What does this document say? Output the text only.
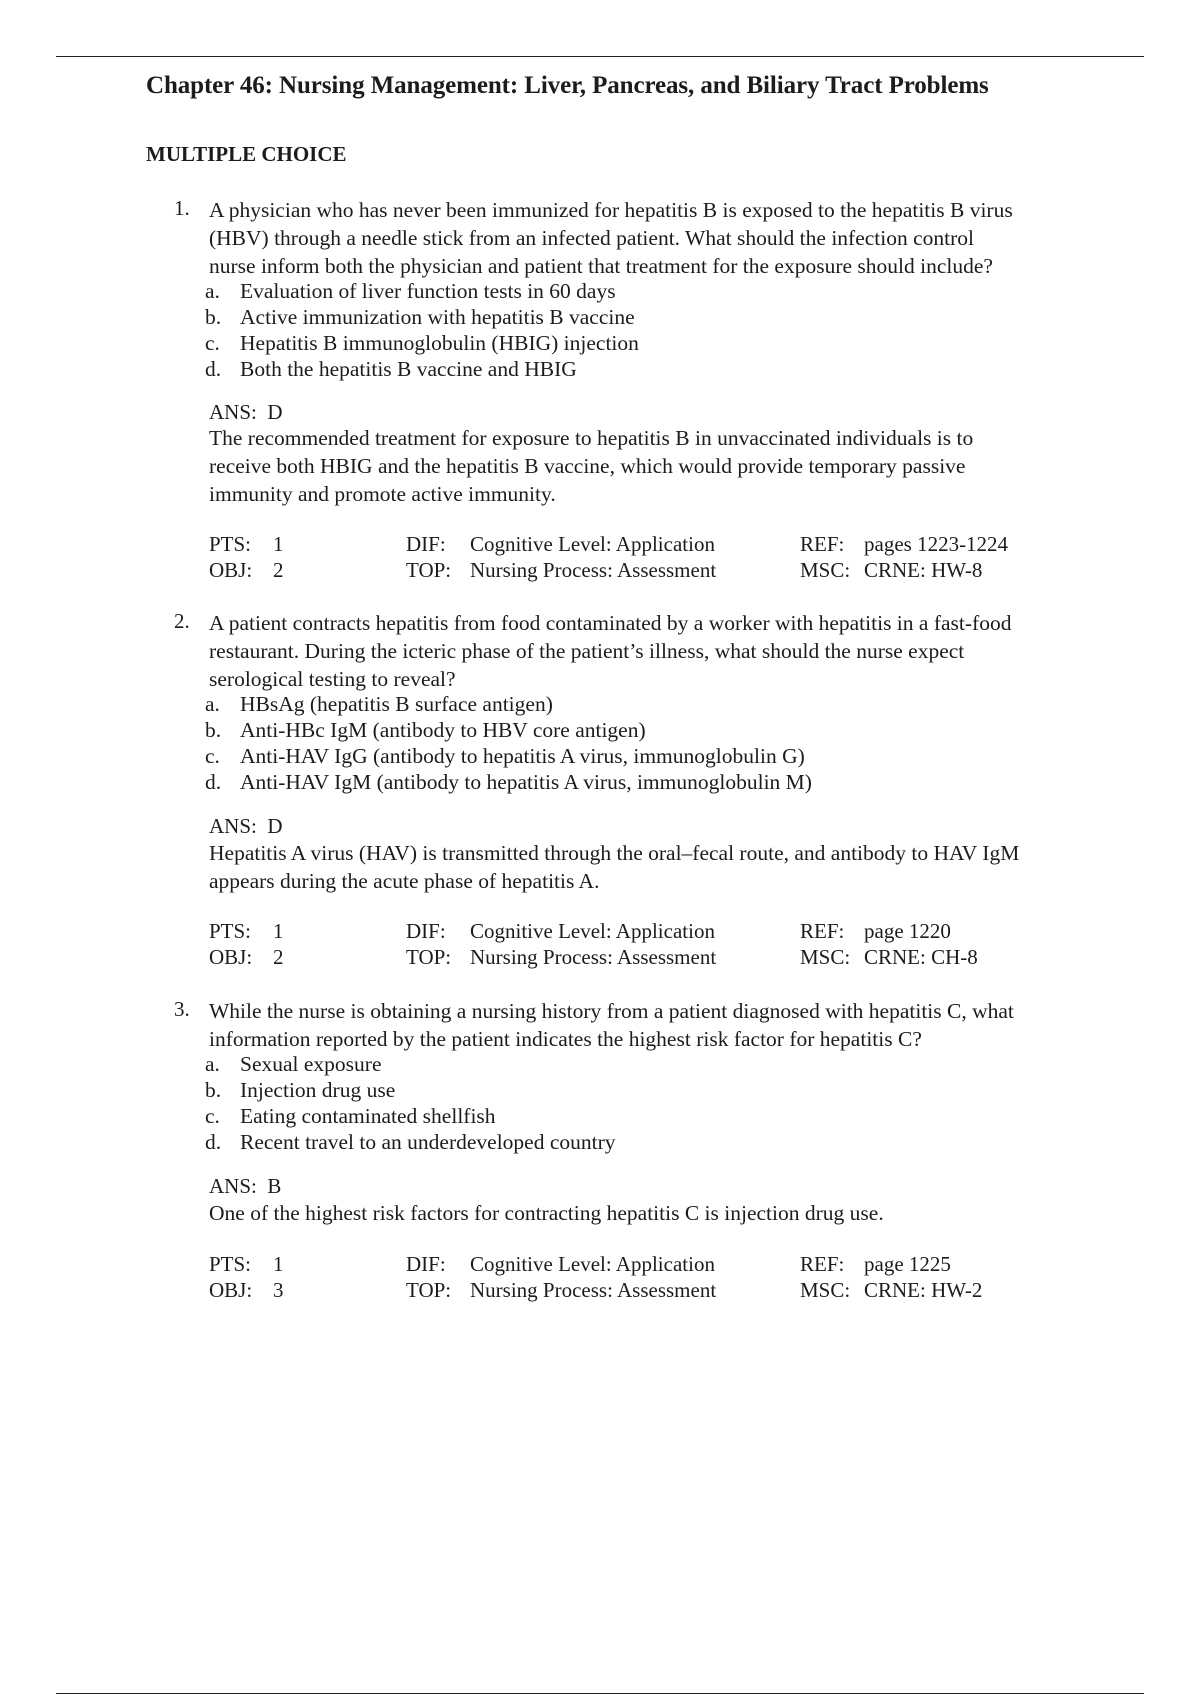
Chapter 46: Nursing Management: Liver, Pancreas, and Biliary Tract Problems
MULTIPLE CHOICE
1. A physician who has never been immunized for hepatitis B is exposed to the hepatitis B virus
(HBV) through a needle stick from an infected patient. What should the infection control
nurse inform both the physician and patient that treatment for the exposure should include?

a. Evaluation of liver function tests in 60 days
b. Active immunization with hepatitis B vaccine
c. Hepatitis B immunoglobulin (HBIG) injection
d. Both the hepatitis B vaccine and HBIG
ANS: D

The recommended treatment for exposure to hepatitis B in unvaccinated individuals is to
receive both HBIG and the hepatitis B vaccine, which would provide temporary passive
immunity and promote active immunity.

PTS: 1	DIF: Cognitive Level: Application	REF: pages 1223-1224
OBJ: 2	TOP: Nursing Process: Assessment	MSC: CRNE: HW-8
2. A patient contracts hepatitis from food contaminated by a worker with hepatitis in a fast-food
restaurant. During the icteric phase of the patient’s illness, what should the nurse expect
serological testing to reveal?

a. HBsAg (hepatitis B surface antigen)
b. Anti-HBc IgM (antibody to HBV core antigen)
c. Anti-HAV IgG (antibody to hepatitis A virus, immunoglobulin G)
d. Anti-HAV IgM (antibody to hepatitis A virus, immunoglobulin M)
ANS: D

Hepatitis A virus (HAV) is transmitted through the oral–fecal route, and antibody to HAV IgM
appears during the acute phase of hepatitis A.

PTS: 1	DIF: Cognitive Level: Application	REF: page 1220
OBJ: 2	TOP: Nursing Process: Assessment	MSC: CRNE: CH-8
3. While the nurse is obtaining a nursing history from a patient diagnosed with hepatitis C, what
information reported by the patient indicates the highest risk factor for hepatitis C?

a. Sexual exposure
b. Injection drug use
c. Eating contaminated shellfish
d. Recent travel to an underdeveloped country
ANS: B

One of the highest risk factors for contracting hepatitis C is injection drug use.

PTS: 1	DIF: Cognitive Level: Application	REF: page 1225
OBJ: 3	TOP: Nursing Process: Assessment	MSC: CRNE: HW-2
